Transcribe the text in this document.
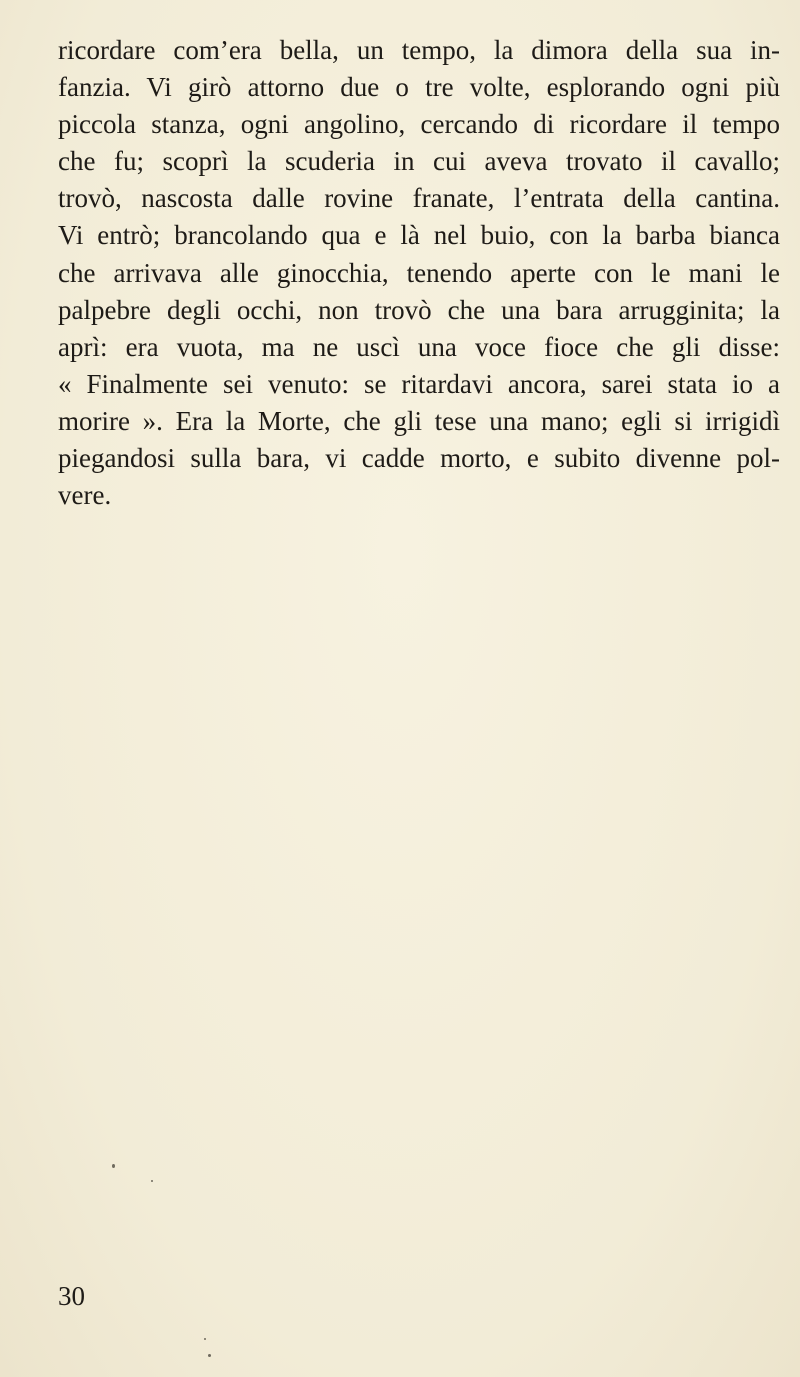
ricordare com’era bella, un tempo, la dimora della sua in-
fanzia. Vi girò attorno due o tre volte, esplorando ogni più
piccola stanza, ogni angolino, cercando di ricordare il tempo
che fu; scoprì la scuderia in cui aveva trovato il cavallo;
trovò, nascosta dalle rovine franate, l’entrata della cantina.
Vi entrò; brancolando qua e là nel buio, con la barba bianca
che arrivava alle ginocchia, tenendo aperte con le mani le
palpebre degli occhi, non trovò che una bara arrugginita; la
aprì: era vuota, ma ne uscì una voce fioce che gli disse:
« Finalmente sei venuto: se ritardavi ancora, sarei stata io a
morire ». Era la Morte, che gli tese una mano; egli si irrigidì
piegandosi sulla bara, vi cadde morto, e subito divenne pol-
vere.
30
